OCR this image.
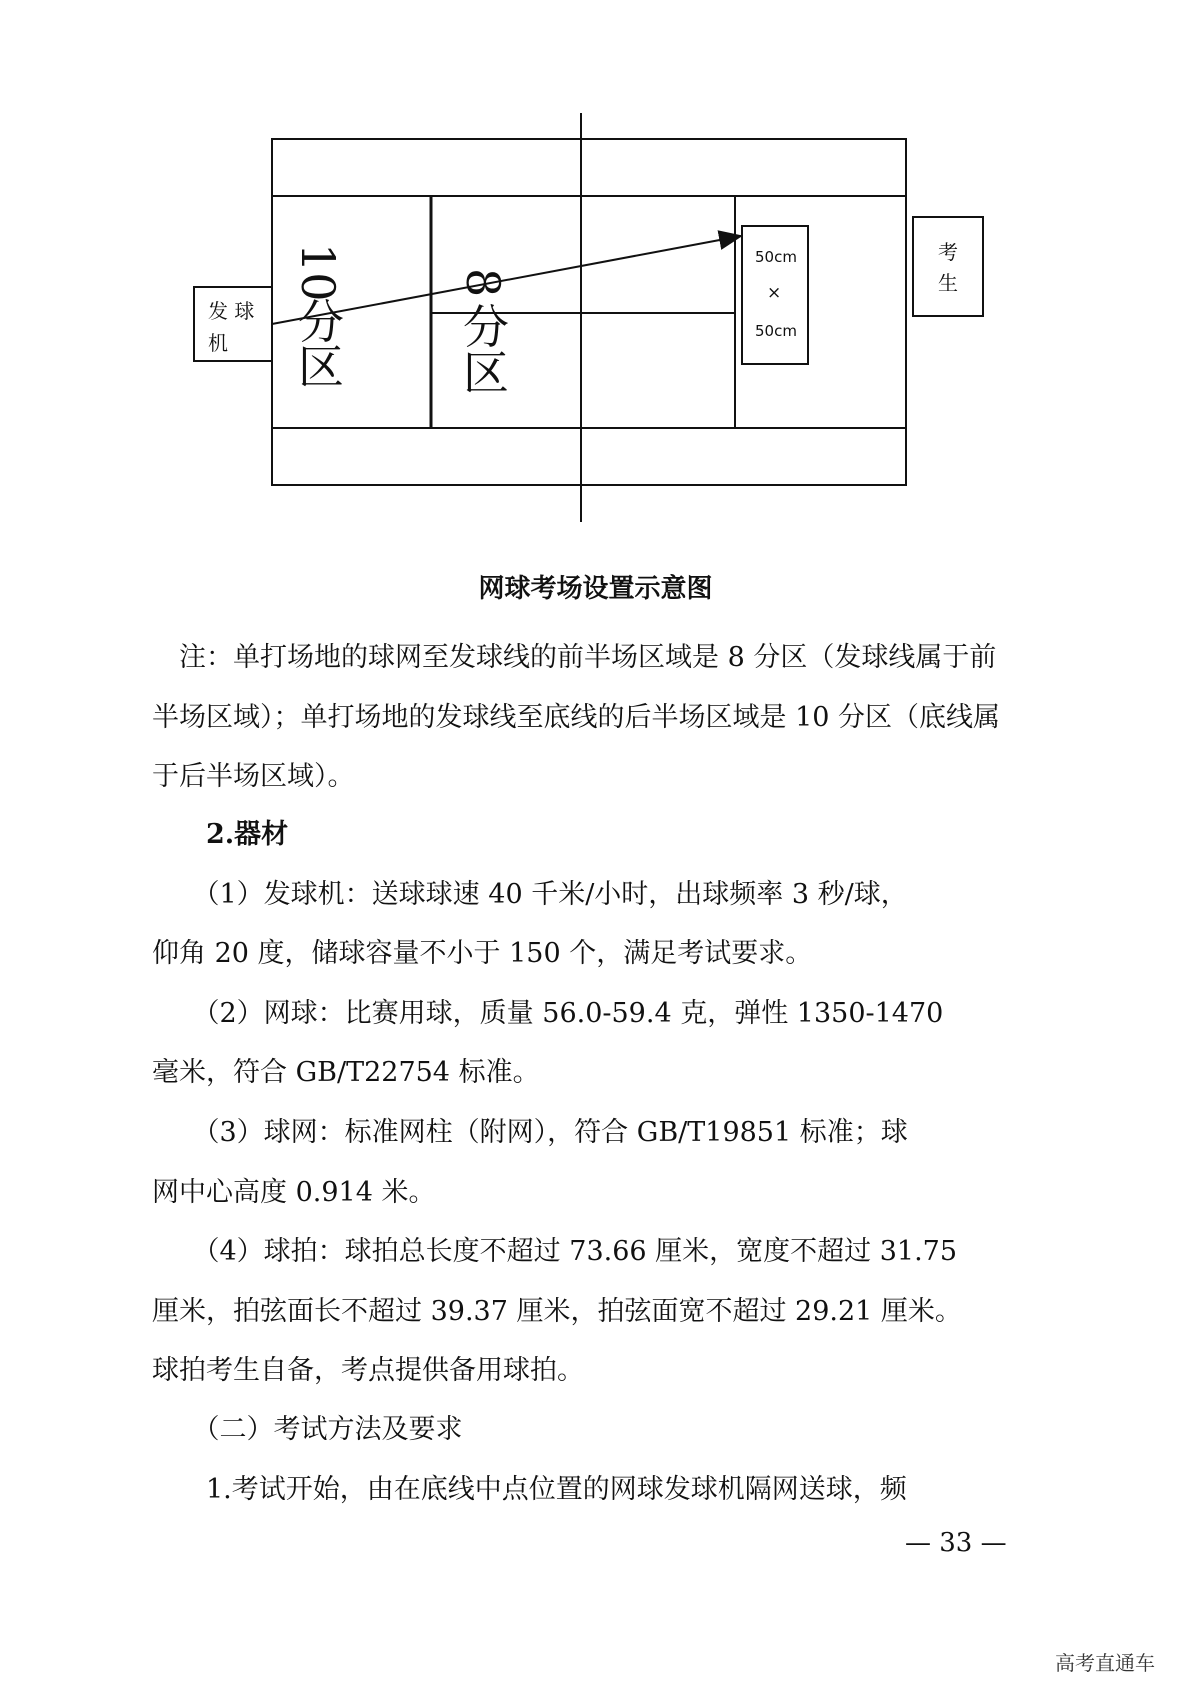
发 球
机
10
分
区
8
分
区
50cm
×
50cm
考
生
网球考场设置示意图

　注：单打场地的球网至发球线的前半场区域是 8 分区（发球线属于前

半场区域）；单打场地的发球线至底线的后半场区域是 10 分区（底线属

于后半场区域）。

　　2.器材

　　（1）发球机：送球球速 40 千米/小时，出球频率 3 秒/球，

仰角 20 度，储球容量不小于 150 个，满足考试要求。

　　（2）网球：比赛用球，质量 56.0-59.4 克，弹性 1350-1470

毫米，符合 GB/T22754 标准。

　　（3）球网：标准网柱（附网），符合 GB/T19851 标准；球

网中心高度 0.914 米。

　　（4）球拍：球拍总长度不超过 73.66 厘米，宽度不超过 31.75

厘米，拍弦面长不超过 39.37 厘米，拍弦面宽不超过 29.21 厘米。

球拍考生自备，考点提供备用球拍。

　　（二）考试方法及要求

　　1.考试开始，由在底线中点位置的网球发球机隔网送球，频

— 33 —
高考直通车
